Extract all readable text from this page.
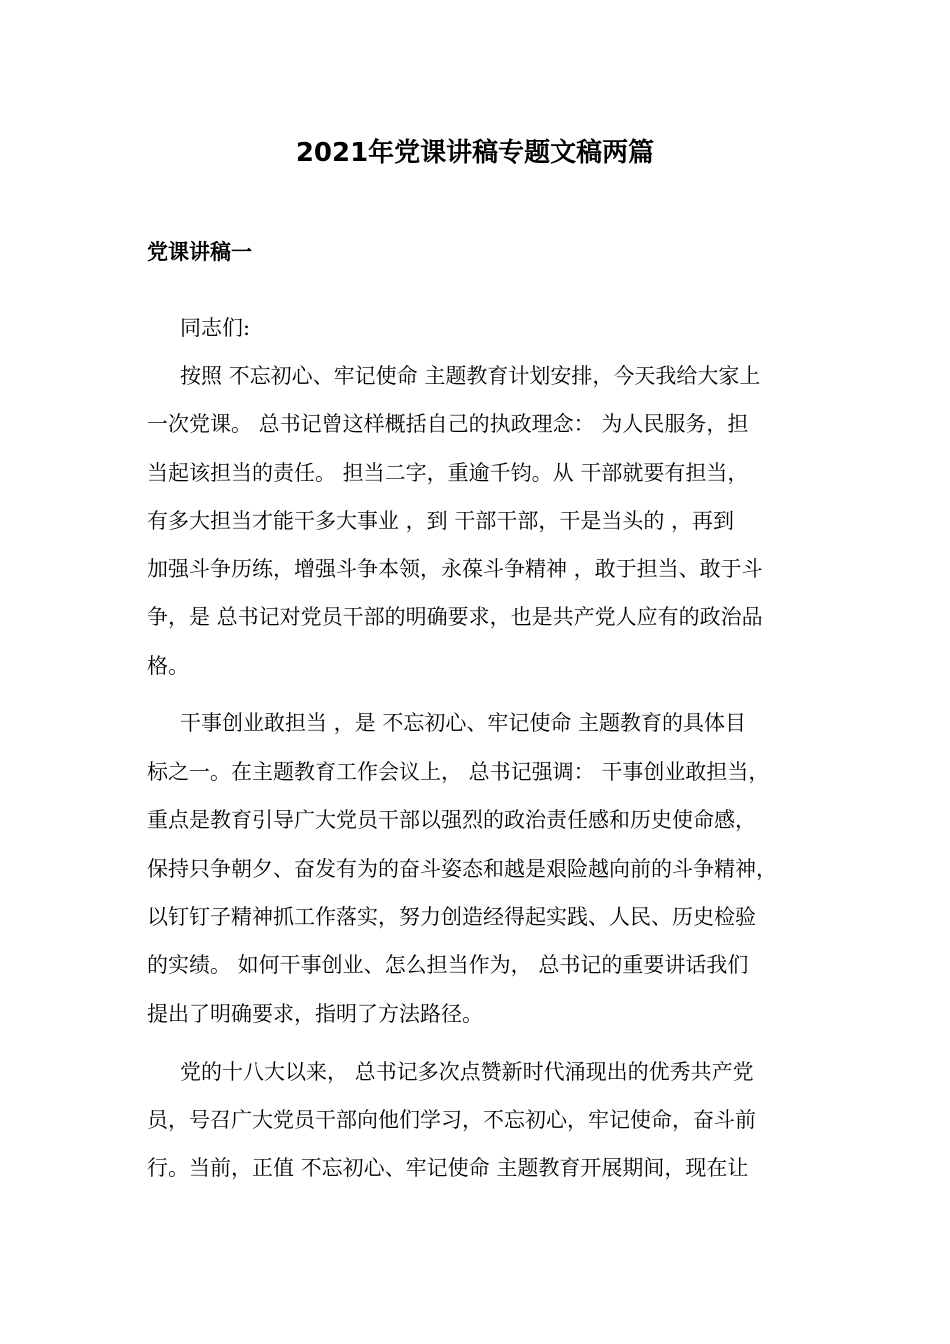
2021年党课讲稿专题文稿两篇
党课讲稿一
同志们:
按照 不忘初心、牢记使命 主题教育计划安排，今天我给大家上
一次党课。 总书记曾这样概括自己的执政理念： 为人民服务，担
当起该担当的责任。 担当二字，重逾千钧。从 干部就要有担当，
有多大担当才能干多大事业 ，到 干部干部，干是当头的 ，再到
加强斗争历练，增强斗争本领，永葆斗争精神 ，敢于担当、敢于斗
争，是 总书记对党员干部的明确要求，也是共产党人应有的政治品
格。
干事创业敢担当 ，是 不忘初心、牢记使命 主题教育的具体目
标之一。在主题教育工作会议上， 总书记强调： 干事创业敢担当，
重点是教育引导广大党员干部以强烈的政治责任感和历史使命感，
保持只争朝夕、奋发有为的奋斗姿态和越是艰险越向前的斗争精神，
以钉钉子精神抓工作落实，努力创造经得起实践、人民、历史检验
的实绩。 如何干事创业、怎么担当作为， 总书记的重要讲话我们
提出了明确要求，指明了方法路径。
党的十八大以来， 总书记多次点赞新时代涌现出的优秀共产党
员，号召广大党员干部向他们学习，不忘初心，牢记使命，奋斗前
行。当前，正值 不忘初心、牢记使命 主题教育开展期间，现在让
